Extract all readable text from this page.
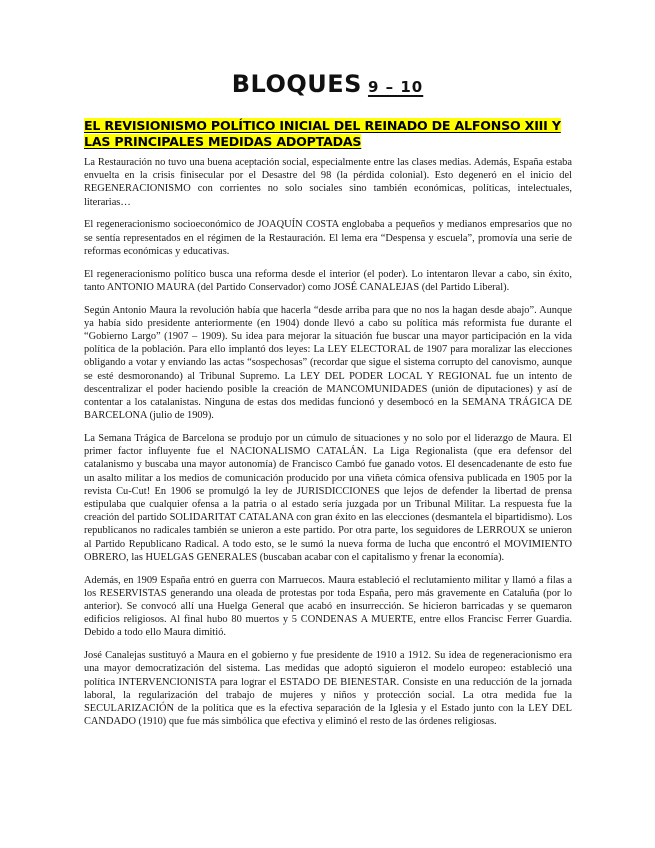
BLOQUES 9 – 10
EL REVISIONISMO POLÍTICO INICIAL DEL REINADO DE ALFONSO XIII Y LAS PRINCIPALES MEDIDAS ADOPTADAS

La Restauración no tuvo una buena aceptación social, especialmente entre las clases medias. Además, España estaba envuelta en la crisis finisecular por el Desastre del 98 (la pérdida colonial). Esto degeneró en el inicio del REGENERACIONISMO con corrientes no solo sociales sino también económicas, políticas, intelectuales, literarias…

El regeneracionismo socioeconómico de JOAQUÍN COSTA englobaba a pequeños y medianos empresarios que no se sentía representados en el régimen de la Restauración. El lema era “Despensa y escuela”, promovía una serie de reformas económicas y educativas.

El regeneracionismo político busca una reforma desde el interior (el poder). Lo intentaron llevar a cabo, sin éxito, tanto ANTONIO MAURA (del Partido Conservador) como JOSÉ CANALEJAS (del Partido Liberal).

Según Antonio Maura la revolución había que hacerla “desde arriba para que no nos la hagan desde abajo”. Aunque ya había sido presidente anteriormente (en 1904) donde llevó a cabo su política más reformista fue durante el “Gobierno Largo” (1907 – 1909). Su idea para mejorar la situación fue buscar una mayor participación en la vida política de la población. Para ello implantó dos leyes: La LEY ELECTORAL de 1907 para moralizar las elecciones obligando a votar y enviando las actas “sospechosas” (recordar que sigue el sistema corrupto del canovismo, aunque se esté desmoronando) al Tribunal Supremo. La LEY DEL PODER LOCAL Y REGIONAL fue un intento de descentralizar el poder haciendo posible la creación de MANCOMUNIDADES (unión de diputaciones) y así de contentar a los catalanistas. Ninguna de estas dos medidas funcionó y desembocó en la SEMANA TRÁGICA DE BARCELONA (julio de 1909).

La Semana Trágica de Barcelona se produjo por un cúmulo de situaciones y no solo por el liderazgo de Maura. El primer factor influyente fue el NACIONALISMO CATALÁN. La Liga Regionalista (que era defensor del catalanismo y buscaba una mayor autonomía) de Francisco Cambó fue ganado votos. El desencadenante de esto fue un asalto militar a los medios de comunicación producido por una viñeta cómica ofensiva publicada en 1905 por la revista Cu-Cut! En 1906 se promulgó la ley de JURISDICCIONES que lejos de defender la libertad de prensa estipulaba que cualquier ofensa a la patria o al estado sería juzgada por un Tribunal Militar. La respuesta fue la creación del partido SOLIDARITAT CATALANA con gran éxito en las elecciones (desmantela el bipartidismo). Los republicanos no radicales también se unieron a este partido. Por otra parte, los seguidores de LERROUX se unieron al Partido Republicano Radical. A todo esto, se le sumó la nueva forma de lucha que encontró el MOVIMIENTO OBRERO, las HUELGAS GENERALES (buscaban acabar con el capitalismo y frenar la economía).

Además, en 1909 España entró en guerra con Marruecos. Maura estableció el reclutamiento militar y llamó a filas a los RESERVISTAS generando una oleada de protestas por toda España, pero más gravemente en Cataluña (por lo anterior). Se convocó allí una Huelga General que acabó en insurrección. Se hicieron barricadas y se quemaron edificios religiosos. Al final hubo 80 muertos y 5 CONDENAS A MUERTE, entre ellos Francisc Ferrer Guardia. Debido a todo ello Maura dimitió.

José Canalejas sustituyó a Maura en el gobierno y fue presidente de 1910 a 1912. Su idea de regeneracionismo era una mayor democratización del sistema. Las medidas que adoptó siguieron el modelo europeo: estableció una política INTERVENCIONISTA para lograr el ESTADO DE BIENESTAR. Consiste en una reducción de la jornada laboral, la regularización del trabajo de mujeres y niños y protección social. La otra medida fue la SECULARIZACIÓN de la política que es la efectiva separación de la Iglesia y el Estado junto con la LEY DEL CANDADO (1910) que fue más simbólica que efectiva y eliminó el resto de las órdenes religiosas.
